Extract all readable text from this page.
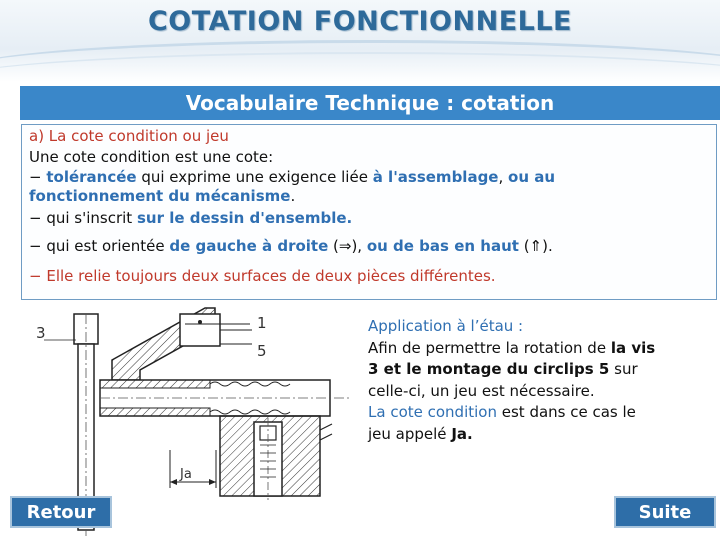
COTATION FONCTIONNELLE
Vocabulaire Technique : cotation
a) La cote condition ou jeu
Une cote condition est une cote:
− tolérancée qui exprime une exigence liée à l'assemblage, ou au
fonctionnement du mécanisme.
− qui s'inscrit sur le dessin d'ensemble.
− qui est orientée de gauche à droite (⇒), ou de bas en haut (⇑).
− Elle relie toujours deux surfaces de deux pièces différentes.
1
5
3
Ja
Application à l’étau :
Afin de permettre la rotation de la vis
3 et le montage du circlips 5 sur
celle-ci, un jeu est nécessaire.
La cote condition est dans ce cas le
jeu appelé Ja.
Retour	Suite
